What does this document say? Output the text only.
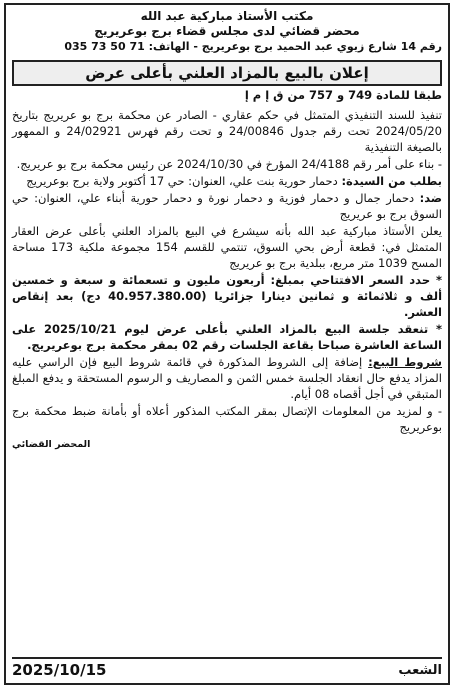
مكتب الأستاذ مباركية عبد الله
محضر قضائي لدى مجلس قضاء برج بوعريريج
رقم 14 شارع زيوي عبد الحميد برج بوعريريج - الهاتف: 71 50 73 035
إعلان بالبيع بالمزاد العلني بأعلى عرض
طبقا للمادة 749 و 757 من ق إ م إ

تنفيذ للسند التنفيذي المتمثل في حكم عقاري - الصادر عن محكمة برج بو عريريج بتاريخ 2024/05/20 تحت رقم جدول 24/00846 و تحت رقم فهرس 24/02921 و الممهور بالصيغة التنفيذية

- بناء على أمر رقم 24/4188 المؤرخ في 2024/10/30 عن رئيس محكمة برج بو عريريج.

بطلب من السيدة: دحمار حورية بنت علي، العنوان: حي 17 أكتوبر ولاية برج بوعريريج

ضد: دحمار جمال و دحمار فوزية و دحمار نورة و دحمار حورية أبناء علي، العنوان: حي السوق برج بو عريريج

يعلن الأستاذ مباركية عبد الله بأنه سيشرع في البيع بالمزاد العلني بأعلى عرض العقار المتمثل في: قطعة أرض بحي السوق، تنتمي للقسم 154 مجموعة ملكية 173 مساحة المسح 1039 متر مربع، ببلدية برج بو عريريج

* حدد السعر الافتتاحي بمبلغ: أربعون مليون و تسعمائة و سبعة و خمسين ألف و ثلاثمائة و ثمانين دينارا جزائريا (40.957.380.00 دج) بعد إنقاص العشر.

* تنعقد جلسة البيع بالمزاد العلني بأعلى عرض ليوم 2025/10/21 على الساعة العاشرة صباحا بقاعة الجلسات رقم 02 بمقر محكمة برج بوعريريج.

شروط البيع: إضافة إلى الشروط المذكورة في قائمة شروط البيع فإن الراسي عليه المزاد يدفع حال انعقاد الجلسة خمس الثمن و المصاريف و الرسوم المستحقة و يدفع المبلغ المتبقي في أجل أقصاه 08 أيام.

- و لمزيد من المعلومات الإتصال بمقر المكتب المذكور أعلاه أو بأمانة ضبط محكمة برج بوعريريج

المحضر القضائي
الشعب
2025/10/15
